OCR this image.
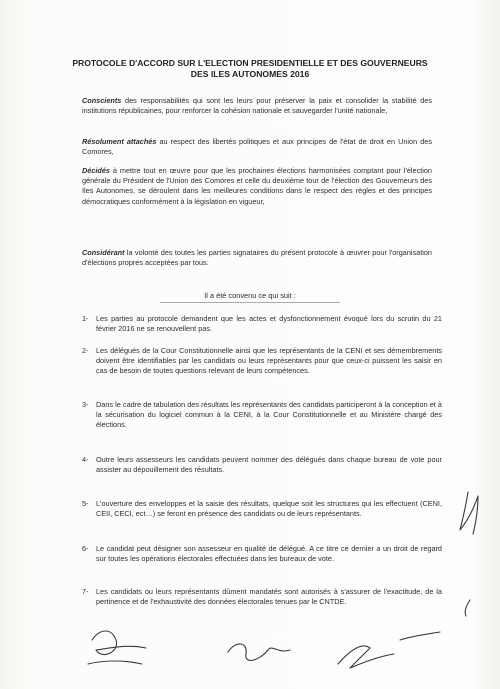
PROTOCOLE D'ACCORD SUR L'ELECTION PRESIDENTIELLE ET DES GOUVERNEURS DES ILES AUTONOMES 2016
Conscients des responsabilités qui sont les leurs pour préserver la paix et consolider la stabilité des institutions républicaines, pour renforcer la cohésion nationale et sauvegarder l'unité nationale,
Résolument attachés au respect des libertés politiques et aux principes de l'état de droit en Union des Comores,
Décidés à mettre tout en œuvre pour que les prochaines élections harmonisées comptant pour l'élection générale du Président de l'Union des Comores et celle du deuxième tour de l'élection des Gouverneurs des Iles Autonomes, se déroulent dans les meilleures conditions dans le respect des règles et des principes démocratiques conformément à la législation en vigueur,
Considérant la volonté des toutes les parties signataires du présent protocole à œuvrer pour l'organisation d'élections propres acceptées par tous.
Il a été convenu ce qui suit :
1-	Les parties au protocole demandent que les actes et dysfonctionnement évoqué lors du scrutin du 21 février 2016 ne se renouvellent pas.
2-	Les délégués de la Cour Constitutionnelle ainsi que les représentants de la CENI et ses démembrements doivent être identifiables par les candidats ou leurs représentants pour que ceux-ci puissent les saisir en cas de besoin de toutes questions relevant de leurs compétences.
3-	Dans le cadre de tabulation des résultats les représentants des candidats participeront à la conception et à la sécurisation du logiciel commun à la CENI, à la Cour Constitutionnelle et au Ministère chargé des élections.
4-	Outre leurs assesseurs les candidats peuvent nommer des délégués dans chaque bureau de vote pour assister au dépouillement des résultats.
5-	L'ouverture des enveloppes et la saisie des résultats, quelque soit les structures qui les effectuent (CENI, CEII, CECI, ect…) se feront en présence des candidats ou de leurs représentants.
6-	Le candidat peut désigner son assesseur en qualité de délégué. A ce titre ce dernier a un droit de regard sur toutes les opérations électorales effectuées dans les bureaux de vote.
7-	Les candidats ou leurs représentants dûment mandatés sont autorisés à s'assurer de l'exactitude, de la pertinence et de l'exhaustivité des données électorales tenues par le CNTDE.
